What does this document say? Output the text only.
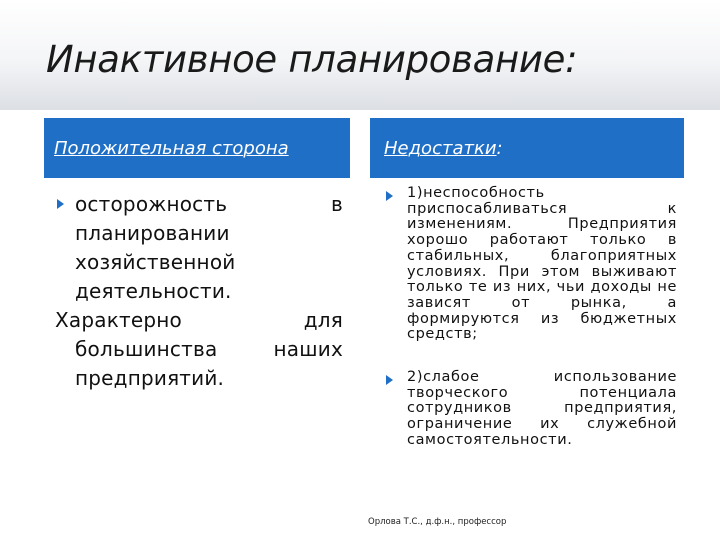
Инактивное планирование:
Положительная сторона	Недостатки :

осторожность в планировании хозяйственной деятельности.

Характерно для большинства наших предприятий.

1)неспособность приспосабливаться к изменениям. Предприятия хорошо работают только в стабильных, благоприятных условиях. При этом выживают только те из них, чьи доходы не зависят от рынка, а формируются из бюджетных средств;
2)слабое использование творческого потенциала сотрудников предприятия, ограничение их служебной самостоятельности.
Орлова Т.С., д.ф.н., профессор
